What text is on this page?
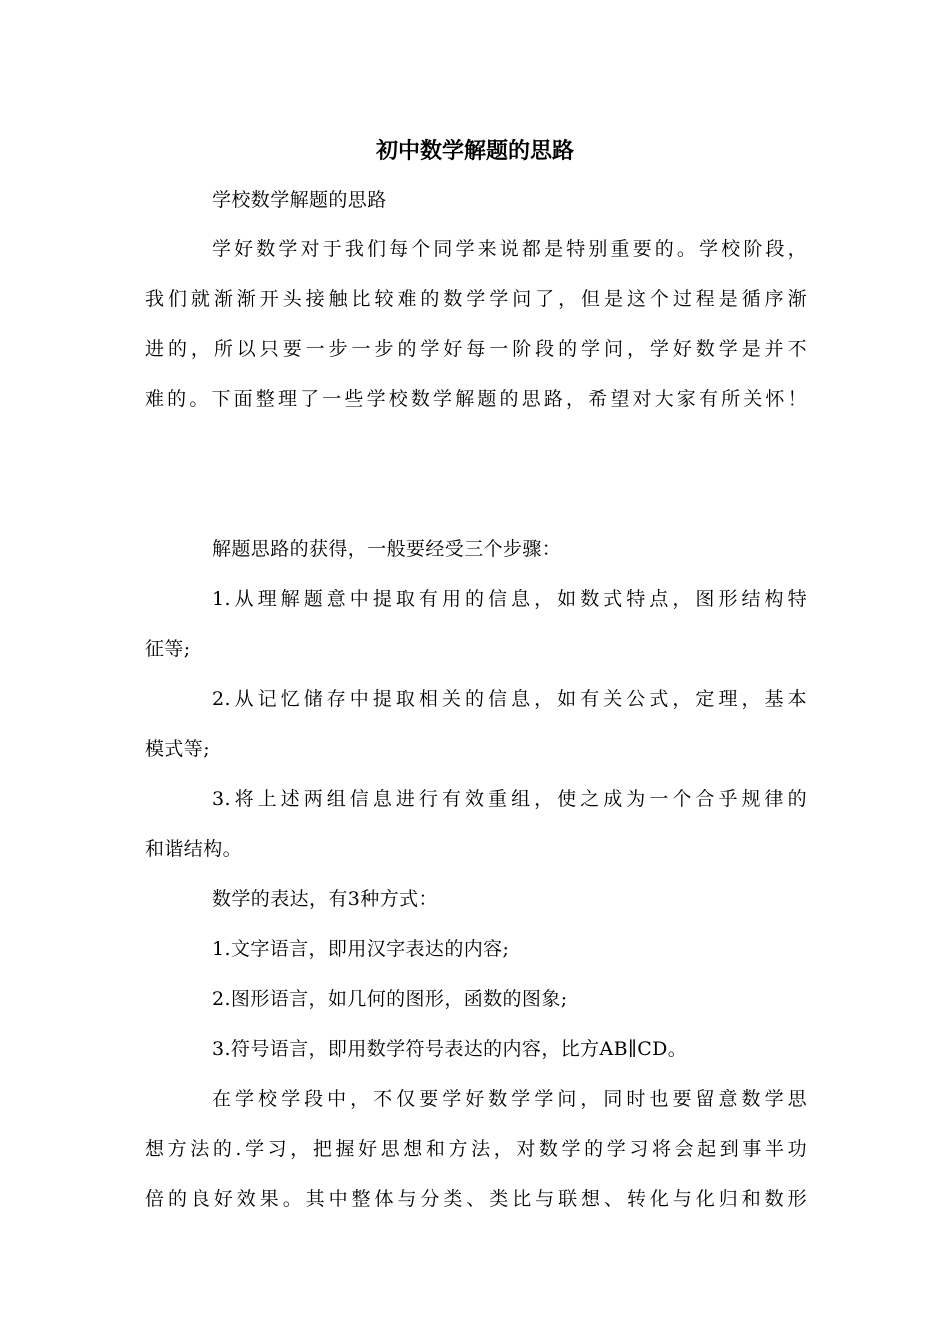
初中数学解题的思路
学校数学解题的思路
学好数学对于我们每个同学来说都是特别重要的。学校阶段，
我们就渐渐开头接触比较难的数学学问了，但是这个过程是循序渐
进的，所以只要一步一步的学好每一阶段的学问，学好数学是并不
难的。下面整理了一些学校数学解题的思路，希望对大家有所关怀！
解题思路的获得，一般要经受三个步骤：
1.从理解题意中提取有用的信息，如数式特点，图形结构特
征等;
2.从记忆储存中提取相关的信息，如有关公式，定理，基本
模式等;
3.将上述两组信息进行有效重组，使之成为一个合乎规律的
和谐结构。
数学的表达，有3种方式：
1.文字语言，即用汉字表达的内容;
2.图形语言，如几何的图形，函数的图象;
3.符号语言，即用数学符号表达的内容，比方AB∥CD。
在学校学段中，不仅要学好数学学问，同时也要留意数学思
想方法的.学习，把握好思想和方法，对数学的学习将会起到事半功
倍的良好效果。其中整体与分类、类比与联想、转化与化归和数形
